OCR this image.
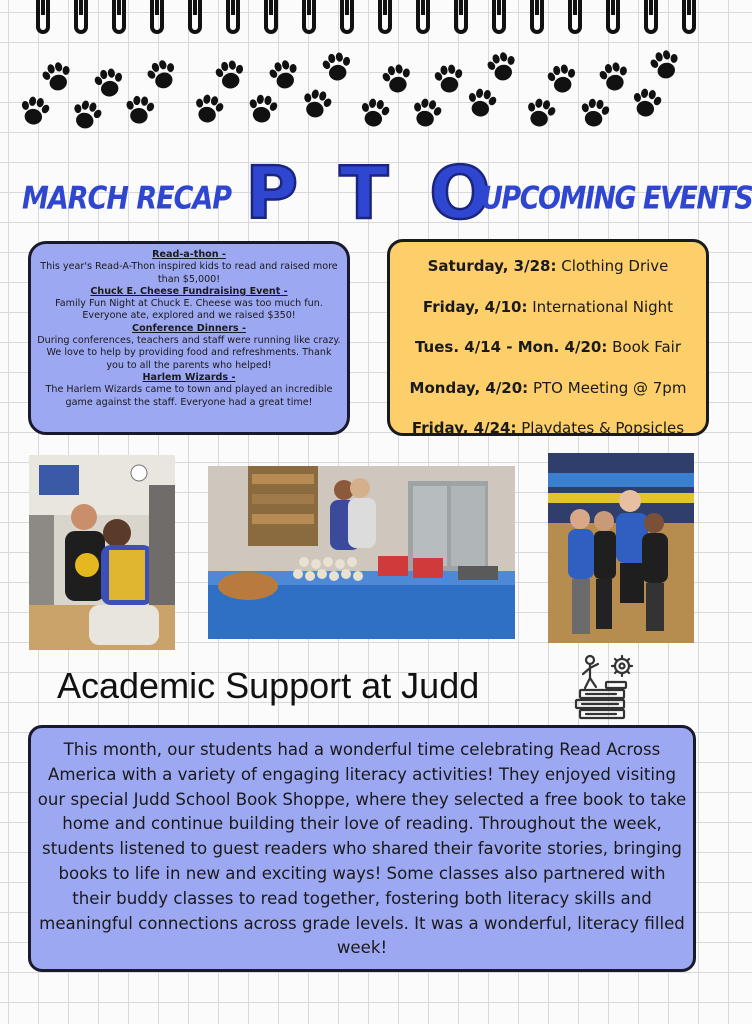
MARCH RECAP P T O
UPCOMING EVENTS
Read-a-thon -
This year's Read-A-Thon inspired kids to read and raised more than $5,000!
Chuck E. Cheese Fundraising Event -
Family Fun Night at Chuck E. Cheese was too much fun. Everyone ate, explored and we raised $350!
Conference Dinners -
During conferences, teachers and staff were running like crazy. We love to help by providing food and refreshments. Thank you to all the parents who helped!
Harlem Wizards -
The Harlem Wizards came to town and played an incredible game against the staff. Everyone had a great time!
Saturday, 3/28: Clothing Drive
Friday, 4/10: International Night
Tues. 4/14 - Mon. 4/20: Book Fair
Monday, 4/20: PTO Meeting @ 7pm
Friday, 4/24: Playdates & Popsicles
Academic Support at Judd
This month, our students had a wonderful time celebrating Read Across America with a variety of engaging literacy activities! They enjoyed visiting our special Judd School Book Shoppe, where they selected a free book to take home and continue building their love of reading. Throughout the week, students listened to guest readers who shared their favorite stories, bringing books to life in new and exciting ways! Some classes also partnered with their buddy classes to read together, fostering both literacy skills and meaningful connections across grade levels. It was a wonderful, literacy filled week!
